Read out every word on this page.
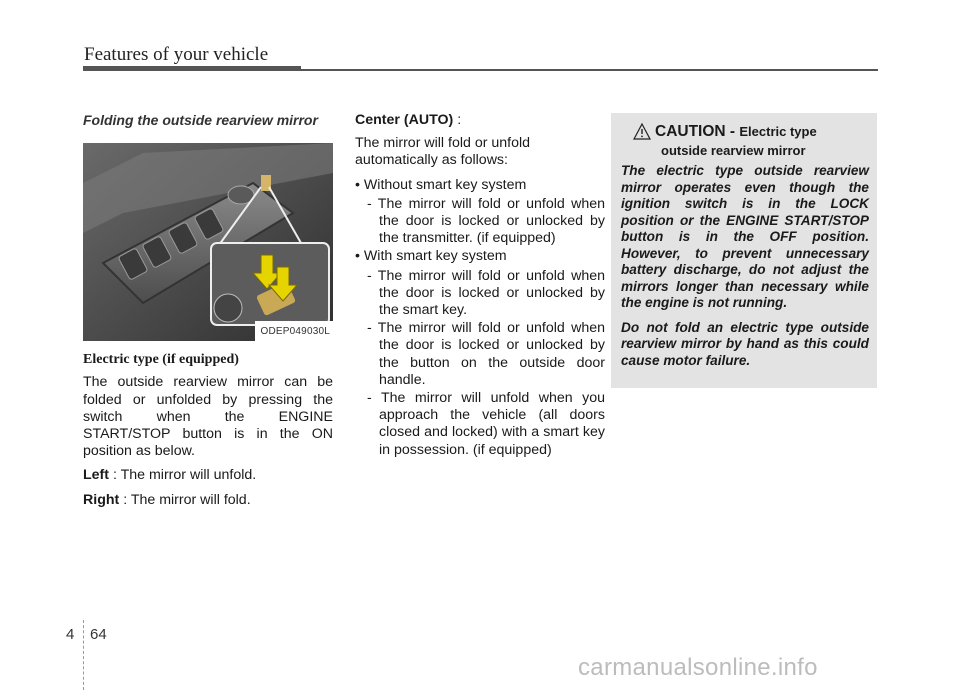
Features of your vehicle
Folding the outside rearview mirror
ODEP049030L
Electric type (if equipped)

The outside rearview mirror can be folded or unfolded by pressing the switch when the ENGINE START/STOP button is in the ON position as below.

Left : The mirror will unfold.

Right : The mirror will fold.

Center (AUTO) :

The mirror will fold or unfold automatically as follows:

• Without smart key system
- The mirror will fold or unfold when the door is locked or unlocked by the transmitter. (if equipped)
• With smart key system
- The mirror will fold or unfold when the door is locked or unlocked by the smart key.
- The mirror will fold or unfold when the door is locked or unlocked by the button on the outside door handle.
- The mirror will unfold when you approach the vehicle (all doors closed and locked) with a smart key in possession. (if equipped)
CAUTION - Electric type
outside rearview mirror

The electric type outside rearview mirror operates even though the ignition switch is in the LOCK position or the ENGINE START/STOP button is in the OFF position. However, to prevent unnecessary battery discharge, do not adjust the mirrors longer than necessary while the engine is not running.

Do not fold an electric type outside rearview mirror by hand as this could cause motor failure.

4 64
carmanualsonline.info
